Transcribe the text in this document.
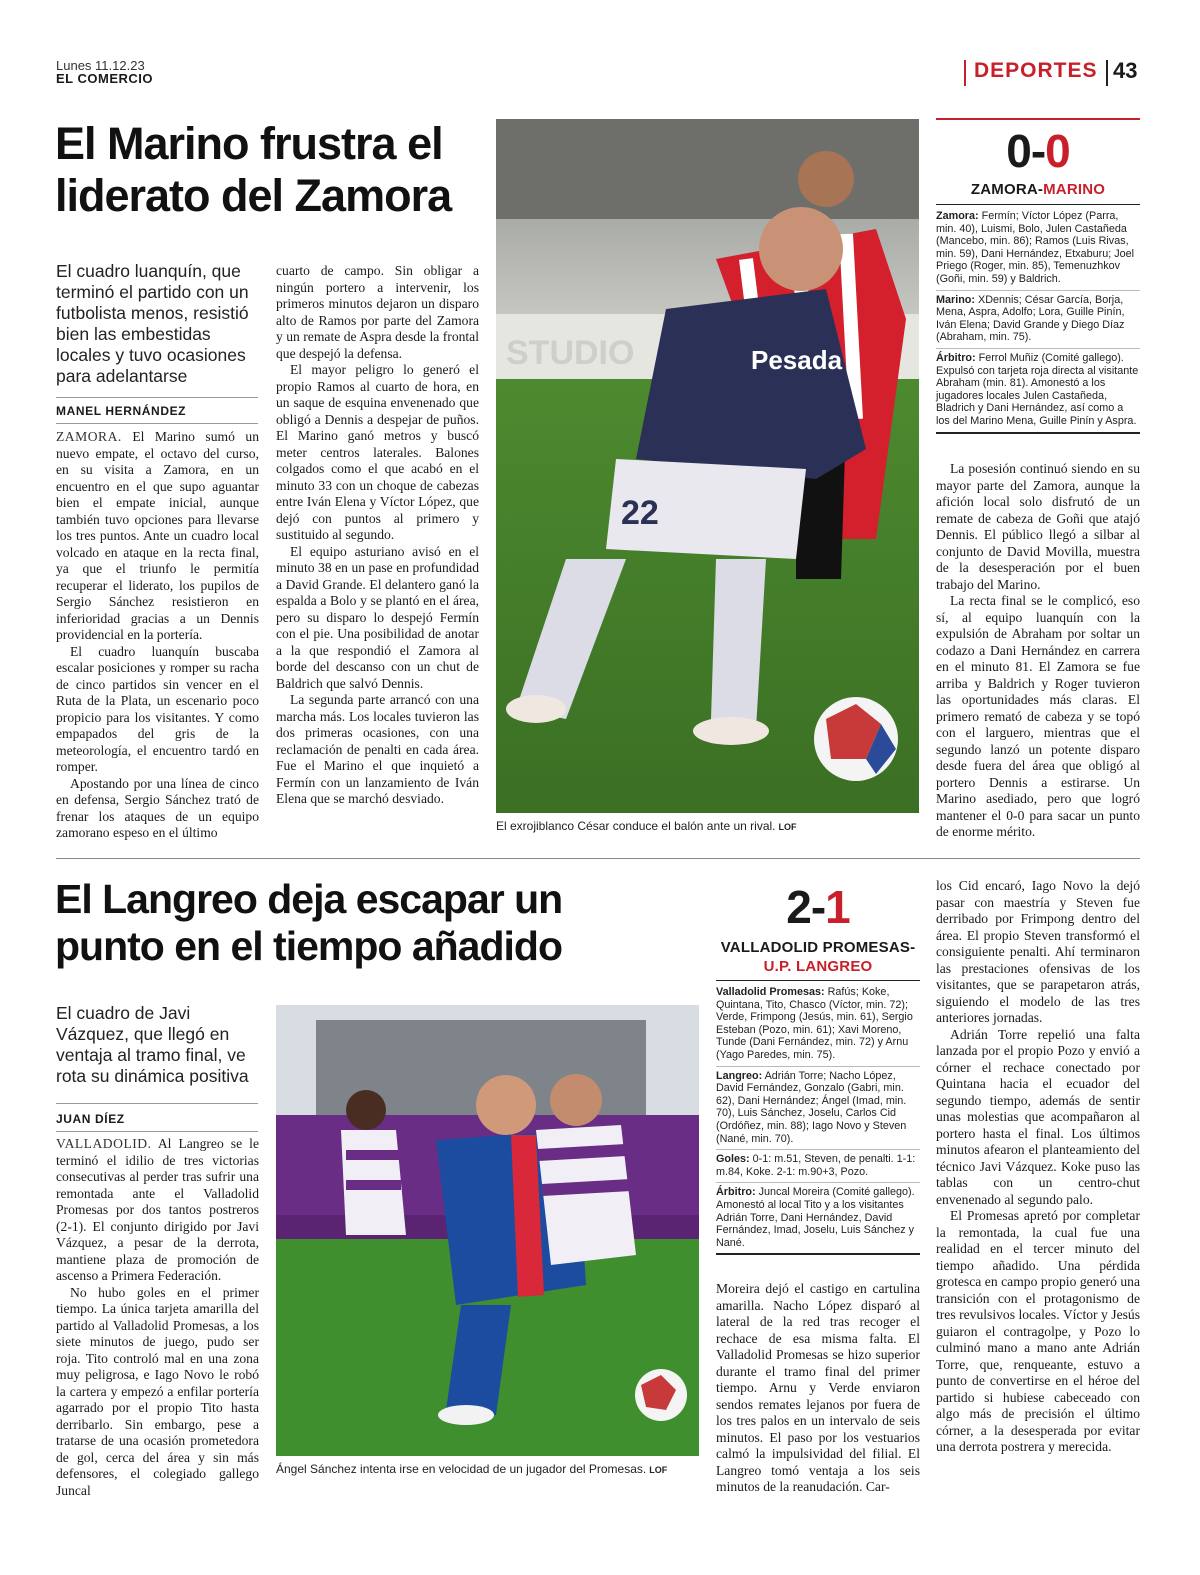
Lunes 11.12.23
EL COMERCIO	DEPORTES 43
El Marino frustra el liderato del Zamora
El cuadro luanquín, que terminó el partido con un futbolista menos, resistió bien las embestidas locales y tuvo ocasiones para adelantarse
MANEL HERNÁNDEZ

ZAMORA. El Marino sumó un nuevo empate, el octavo del curso, en su visita a Zamora, en un encuentro en el que supo aguantar bien el empate inicial, aunque también tuvo opciones para llevarse los tres puntos. Ante un cuadro local volcado en ataque en la recta final, ya que el triunfo le permitía recuperar el liderato, los pupilos de Sergio Sánchez resistieron en inferioridad gracias a un Dennis providencial en la portería.

El cuadro luanquín buscaba escalar posiciones y romper su racha de cinco partidos sin vencer en el Ruta de la Plata, un escenario poco propicio para los visitantes. Y como empapados del gris de la meteorología, el encuentro tardó en romper.

Apostando por una línea de cinco en defensa, Sergio Sánchez trató de frenar los ataques de un equipo zamorano espeso en el último

cuarto de campo. Sin obligar a ningún portero a intervenir, los primeros minutos dejaron un disparo alto de Ramos por parte del Zamora y un remate de Aspra desde la frontal que despejó la defensa.

El mayor peligro lo generó el propio Ramos al cuarto de hora, en un saque de esquina envenenado que obligó a Dennis a despejar de puños. El Marino ganó metros y buscó meter centros laterales. Balones colgados como el que acabó en el minuto 33 con un choque de cabezas entre Iván Elena y Víctor López, que dejó con puntos al primero y sustituido al segundo.

El equipo asturiano avisó en el minuto 38 en un pase en profundidad a David Grande. El delantero ganó la espalda a Bolo y se plantó en el área, pero su disparo lo despejó Fermín con el pie. Una posibilidad de anotar a la que respondió el Zamora al borde del descanso con un chut de Baldrich que salvó Dennis.

La segunda parte arrancó con una marcha más. Los locales tuvieron las dos primeras ocasiones, con una reclamación de penalti en cada área. Fue el Marino el que inquietó a Fermín con un lanzamiento de Iván Elena que se marchó desviado.

STUDIO	Pesada
22
El exrojiblanco César conduce el balón ante un rival. LOF
0-0
ZAMORA-MARINO
Zamora: Fermín; Víctor López (Parra, min. 40), Luismi, Bolo, Julen Castañeda (Mancebo, min. 86); Ramos (Luis Rivas, min. 59), Dani Hernández, Etxaburu; Joel Priego (Roger, min. 85), Temenuzhkov (Goñi, min. 59) y Baldrich.
Marino: XDennis; César García, Borja, Mena, Aspra, Adolfo; Lora, Guille Pinín, Iván Elena; David Grande y Diego Díaz (Abraham, min. 75).
Árbitro: Ferrol Muñiz (Comité gallego). Expulsó con tarjeta roja directa al visitante Abraham (min. 81). Amonestó a los jugadores locales Julen Castañeda, Bladrich y Dani Hernández, así como a los del Marino Mena, Guille Pinín y Aspra.

La posesión continuó siendo en su mayor parte del Zamora, aunque la afición local solo disfrutó de un remate de cabeza de Goñi que atajó Dennis. El público llegó a silbar al conjunto de David Movilla, muestra de la desesperación por el buen trabajo del Marino.

La recta final se le complicó, eso sí, al equipo luanquín con la expulsión de Abraham por soltar un codazo a Dani Hernández en carrera en el minuto 81. El Zamora se fue arriba y Baldrich y Roger tuvieron las oportunidades más claras. El primero remató de cabeza y se topó con el larguero, mientras que el segundo lanzó un potente disparo desde fuera del área que obligó al portero Dennis a estirarse. Un Marino asediado, pero que logró mantener el 0-0 para sacar un punto de enorme mérito.

El Langreo deja escapar un punto en el tiempo añadido
El cuadro de Javi Vázquez, que llegó en ventaja al tramo final, ve rota su dinámica positiva
JUAN DÍEZ

VALLADOLID. Al Langreo se le terminó el idilio de tres victorias consecutivas al perder tras sufrir una remontada ante el Valladolid Promesas por dos tantos postreros (2-1). El conjunto dirigido por Javi Vázquez, a pesar de la derrota, mantiene plaza de promoción de ascenso a Primera Federación.

No hubo goles en el primer tiempo. La única tarjeta amarilla del partido al Valladolid Promesas, a los siete minutos de juego, pudo ser roja. Tito controló mal en una zona muy peligrosa, e Iago Novo le robó la cartera y empezó a enfilar portería agarrado por el propio Tito hasta derribarlo. Sin embargo, pese a tratarse de una ocasión prometedora de gol, cerca del área y sin más defensores, el colegiado gallego Juncal

Ángel Sánchez intenta irse en velocidad de un jugador del Promesas. LOF
2-1
VALLADOLID PROMESAS-
U.P. LANGREO
Valladolid Promesas: Rafús; Koke, Quintana, Tito, Chasco (Víctor, min. 72); Verde, Frimpong (Jesús, min. 61), Sergio Esteban (Pozo, min. 61); Xavi Moreno, Tunde (Dani Fernández, min. 72) y Arnu (Yago Paredes, min. 75).
Langreo: Adrián Torre; Nacho López, David Fernández, Gonzalo (Gabri, min. 62), Dani Hernández; Ángel (Imad, min. 70), Luis Sánchez, Joselu, Carlos Cid (Ordóñez, min. 88); Iago Novo y Steven (Nané, min. 70).
Goles: 0-1: m.51, Steven, de penalti. 1-1: m.84, Koke. 2-1: m.90+3, Pozo.
Árbitro: Juncal Moreira (Comité gallego). Amonestó al local Tito y a los visitantes Adrián Torre, Dani Hernández, David Fernández, Imad, Joselu, Luis Sánchez y Nané.

Moreira dejó el castigo en cartulina amarilla. Nacho López disparó al lateral de la red tras recoger el rechace de esa misma falta. El Valladolid Promesas se hizo superior durante el tramo final del primer tiempo. Arnu y Verde enviaron sendos remates lejanos por fuera de los tres palos en un intervalo de seis minutos. El paso por los vestuarios calmó la impulsividad del filial. El Langreo tomó ventaja a los seis minutos de la reanudación. Car-

los Cid encaró, Iago Novo la dejó pasar con maestría y Steven fue derribado por Frimpong dentro del área. El propio Steven transformó el consiguiente penalti. Ahí terminaron las prestaciones ofensivas de los visitantes, que se parapetaron atrás, siguiendo el modelo de las tres anteriores jornadas.

Adrián Torre repelió una falta lanzada por el propio Pozo y envió a córner el rechace conectado por Quintana hacia el ecuador del segundo tiempo, además de sentir unas molestias que acompañaron al portero hasta el final. Los últimos minutos afearon el planteamiento del técnico Javi Vázquez. Koke puso las tablas con un centro-chut envenenado al segundo palo.

El Promesas apretó por completar la remontada, la cual fue una realidad en el tercer minuto del tiempo añadido. Una pérdida grotesca en campo propio generó una transición con el protagonismo de tres revulsivos locales. Víctor y Jesús guiaron el contragolpe, y Pozo lo culminó mano a mano ante Adrián Torre, que, renqueante, estuvo a punto de convertirse en el héroe del partido si hubiese cabeceado con algo más de precisión el último córner, a la desesperada por evitar una derrota postrera y merecida.
